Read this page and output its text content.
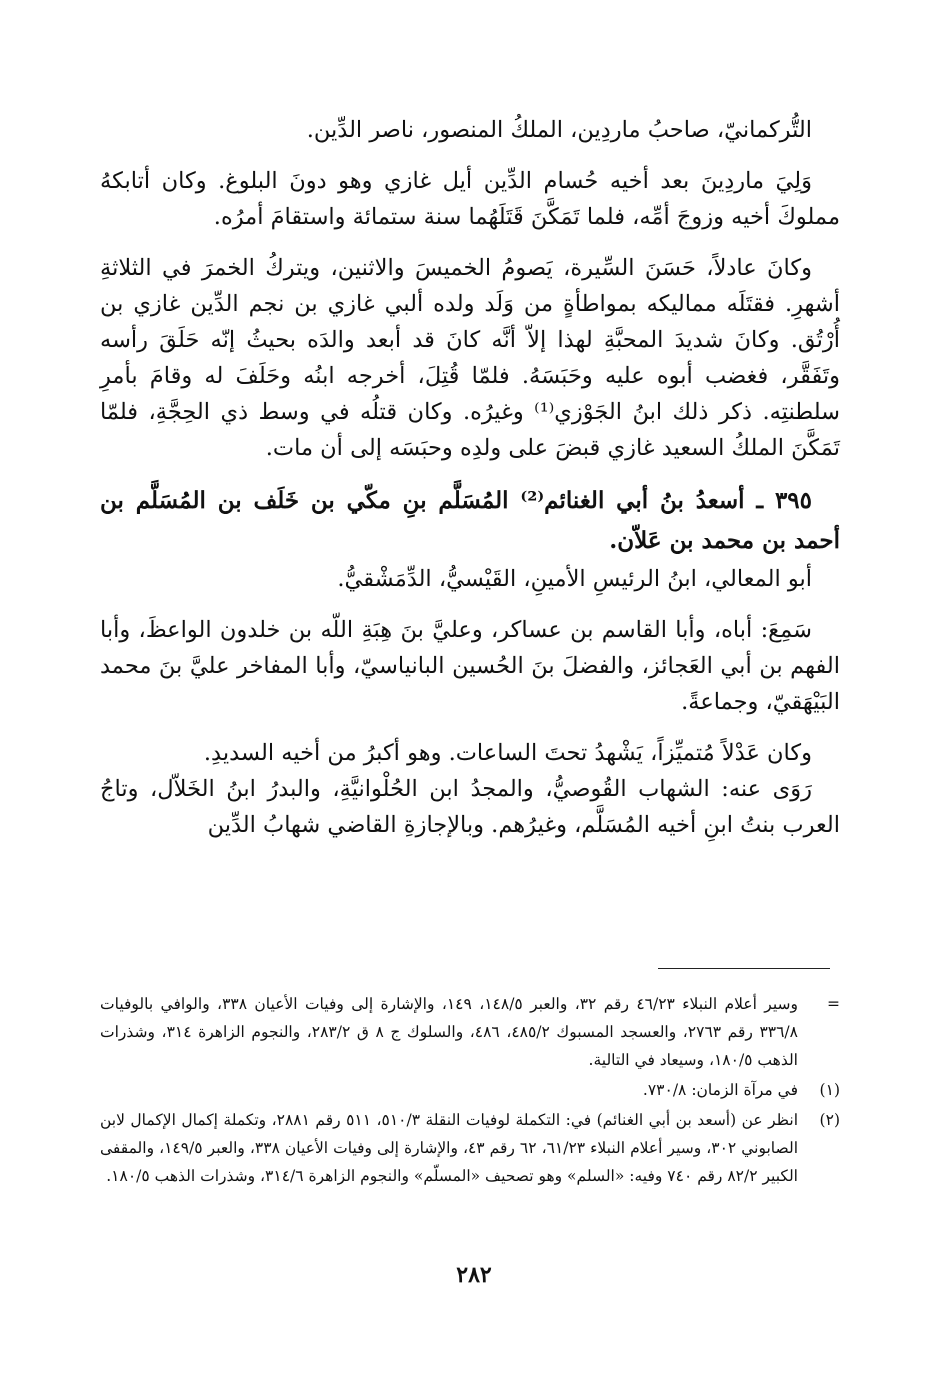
التُّركمانيّ، صاحبُ ماردِين، الملكُ المنصور، ناصر الدِّين.

وَلِيَ ماردِينَ بعد أخيه حُسام الدِّين أيل غازي وهو دونَ البلوغ. وكان أتابكهُ مملوكَ أخيه وزوجَ أمِّه، فلما تَمَكَّنَ قَتَلَهُما سنة ستمائة واستقامَ أمرُه.

وكانَ عادلاً، حَسَنَ السِّيرة، يَصومُ الخميسَ والاثنين، ويتركُ الخمرَ في الثلاثةِ أشهرِ. فقتَلَه مماليكه بمواطأةٍ من وَلَد ولده ألبي غازي بن نجم الدِّين غازي بن أُرْتُق. وكانَ شديدَ المحبَّةِ لهذا إلاّ أنَّه كانَ قد أبعد والدَه بحيثُ إنّه حَلَقَ رأسه وتَفَقَّر، فغضب أبوه عليه وحَبَسَهُ. فلمّا قُتِلَ، أخرجه ابنُه وحَلَفَ له وقامَ بأمرِ سلطنتِه. ذكر ذلك ابنُ الجَوْزي⁽¹⁾ وغيرُه. وكان قتلُه في وسط ذي الحِجَّةِ، فلمّا تَمَكَّنَ الملكُ السعيد غازي قبضَ على ولدِه وحبَسَه إلى أن مات.

٣٩٥ ـ أسعدُ بنُ أبي الغنائم⁽²⁾ المُسَلَّم بنِ مكّي بن خَلَف بن المُسَلَّم بن أحمد بن محمد بن عَلاّن.

أبو المعالي، ابنُ الرئيسِ الأمينِ، القَيْسيُّ، الدِّمَشْقيُّ.

سَمِعَ: أباه، وأبا القاسم بن عساكر، وعليَّ بنَ هِبَةِ اللّه بن خلدون الواعظَ، وأبا الفهم بن أبي العَجائز، والفضلَ بنَ الحُسين البانياسيّ، وأبا المفاخر عليَّ بنَ محمد البَيْهَقيّ، وجماعةً.

وكان عَدْلاً مُتميِّزاً، يَشْهدُ تحتَ الساعات. وهو أكبرُ من أخيه السديدِ.

رَوَى عنه: الشهاب القُوصيُّ، والمجدُ ابن الحُلْوانيَّةِ، والبدرُ ابنُ الخَلاّل، وتاجُ العرب بنتُ ابنِ أخيه المُسَلَّم، وغيرُهم. وبالإجازةِ القاضي شهابُ الدِّين

=
وسير أعلام النبلاء ٤٦/٢٣ رقم ٣٢، والعبر ١٤٨/٥، ١٤٩، والإشارة إلى وفيات الأعيان ٣٣٨، والوافي بالوفيات ٣٣٦/٨ رقم ٢٧٦٣، والعسجد المسبوك ٤٨٥/٢، ٤٨٦، والسلوك ج ٨ ق ٢٨٣/٢، والنجوم الزاهرة ٣١٤، وشذرات الذهب ١٨٠/٥، وسيعاد في التالية.
(١)
في مرآة الزمان: ٧٣٠/٨.
(٢)
انظر عن (أسعد بن أبي الغنائم) في: التكملة لوفيات النقلة ٥١٠/٣، ٥١١ رقم ٢٨٨١، وتكملة إكمال الإكمال لابن الصابوني ٣٠٢، وسير أعلام النبلاء ٦١/٢٣، ٦٢ رقم ٤٣، والإشارة إلى وفيات الأعيان ٣٣٨، والعبر ١٤٩/٥، والمقفى الكبير ٨٢/٢ رقم ٧٤٠ وفيه: «السلم» وهو تصحيف «المسلّم» والنجوم الزاهرة ٣١٤/٦، وشذرات الذهب ١٨٠/٥.
٢٨٢
